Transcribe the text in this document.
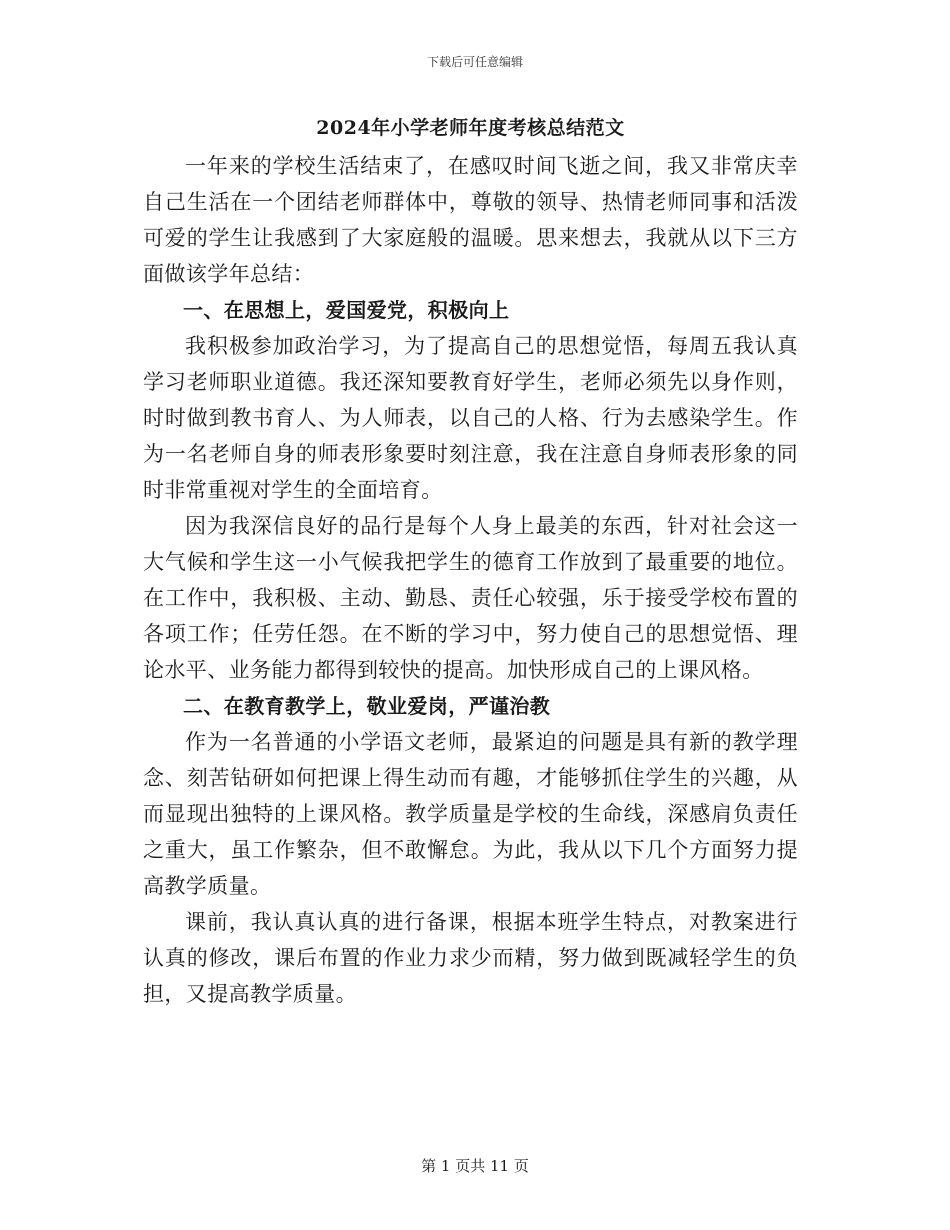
下载后可任意编辑
2024年小学老师年度考核总结范文

一年来的学校生活结束了，在感叹时间飞逝之间，我又非常庆幸自己生活在一个团结老师群体中，尊敬的领导、热情老师同事和活泼可爱的学生让我感到了大家庭般的温暖。思来想去，我就从以下三方面做该学年总结：

一、在思想上，爱国爱党，积极向上

我积极参加政治学习，为了提高自己的思想觉悟，每周五我认真学习老师职业道德。我还深知要教育好学生，老师必须先以身作则，时时做到教书育人、为人师表，以自己的人格、行为去感染学生。作为一名老师自身的师表形象要时刻注意，我在注意自身师表形象的同时非常重视对学生的全面培育。

因为我深信良好的品行是每个人身上最美的东西，针对社会这一大气候和学生这一小气候我把学生的德育工作放到了最重要的地位。在工作中，我积极、主动、勤恳、责任心较强，乐于接受学校布置的各项工作；任劳任怨。在不断的学习中，努力使自己的思想觉悟、理论水平、业务能力都得到较快的提高。加快形成自己的上课风格。

二、在教育教学上，敬业爱岗，严谨治教

作为一名普通的小学语文老师，最紧迫的问题是具有新的教学理念、刻苦钻研如何把课上得生动而有趣，才能够抓住学生的兴趣，从而显现出独特的上课风格。教学质量是学校的生命线，深感肩负责任之重大，虽工作繁杂，但不敢懈怠。为此，我从以下几个方面努力提高教学质量。

课前，我认真认真的进行备课，根据本班学生特点，对教案进行认真的修改，课后布置的作业力求少而精，努力做到既减轻学生的负担，又提高教学质量。

第 1 页共 11 页
